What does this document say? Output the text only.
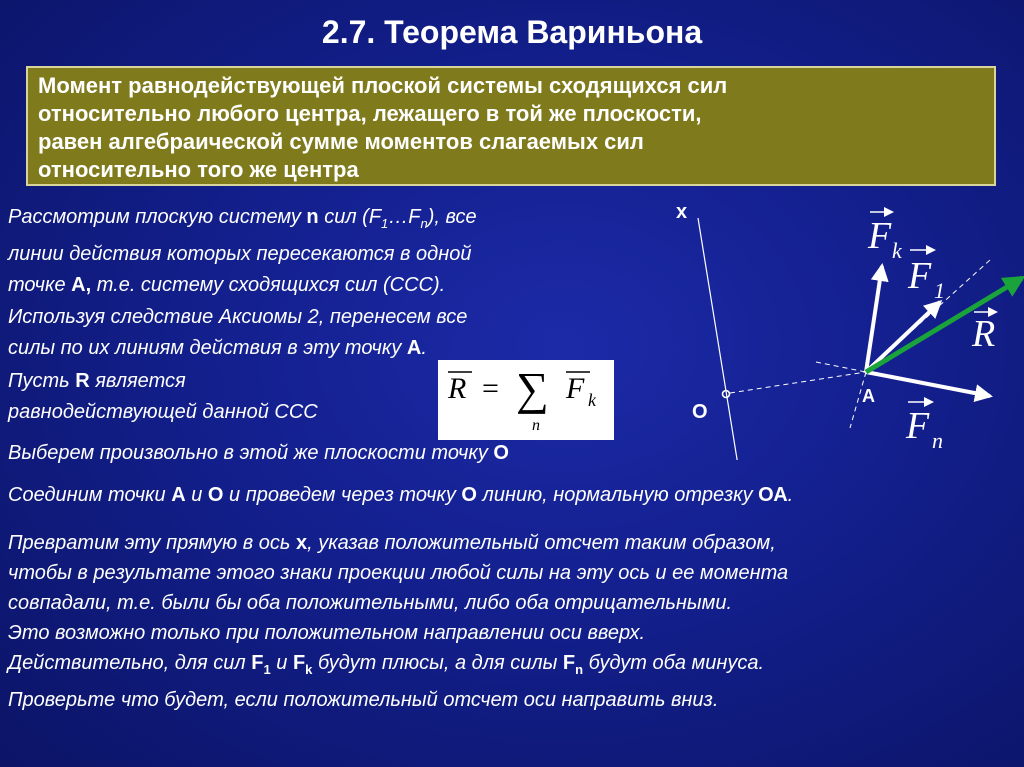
2.7. Теорема Вариньона
Момент равнодействующей плоской системы сходящихся сил
относительно любого центра, лежащего в той же плоскости,
равен алгебраической сумме моментов слагаемых сил
относительно того же центра
Рассмотрим плоскую систему n сил $(F_1\dots F_n)$, все
линии действия которых пересекаются в одной
точке А, т.е. систему сходящихся сил (ССС).
Используя следствие Аксиомы 2, перенесем все
силы по их линиям действия в эту точку А.
Пусть R является
равнодействующей данной ССС
R = ∑
n
F k
Выберем произвольно в этой же плоскости точку О
Соединим точки А и О и проведем через точку О линию, нормальную отрезку ОА.
Превратим эту прямую в ось x, указав положительный отсчет таким образом,
чтобы в результате этого знаки проекции любой силы на эту ось и ее момента
совпадали, т.е. были бы оба положительными, либо оба отрицательными.
Это возможно только при положительном направлении оси вверх.
Действительно, для сил $F_1$ и $F_k$ будут плюсы, а для силы $F_n$ будут оба минуса.
Проверьте что будет, если положительный отсчет оси направить вниз.
x
О
А
F k
F 1
R
F n
